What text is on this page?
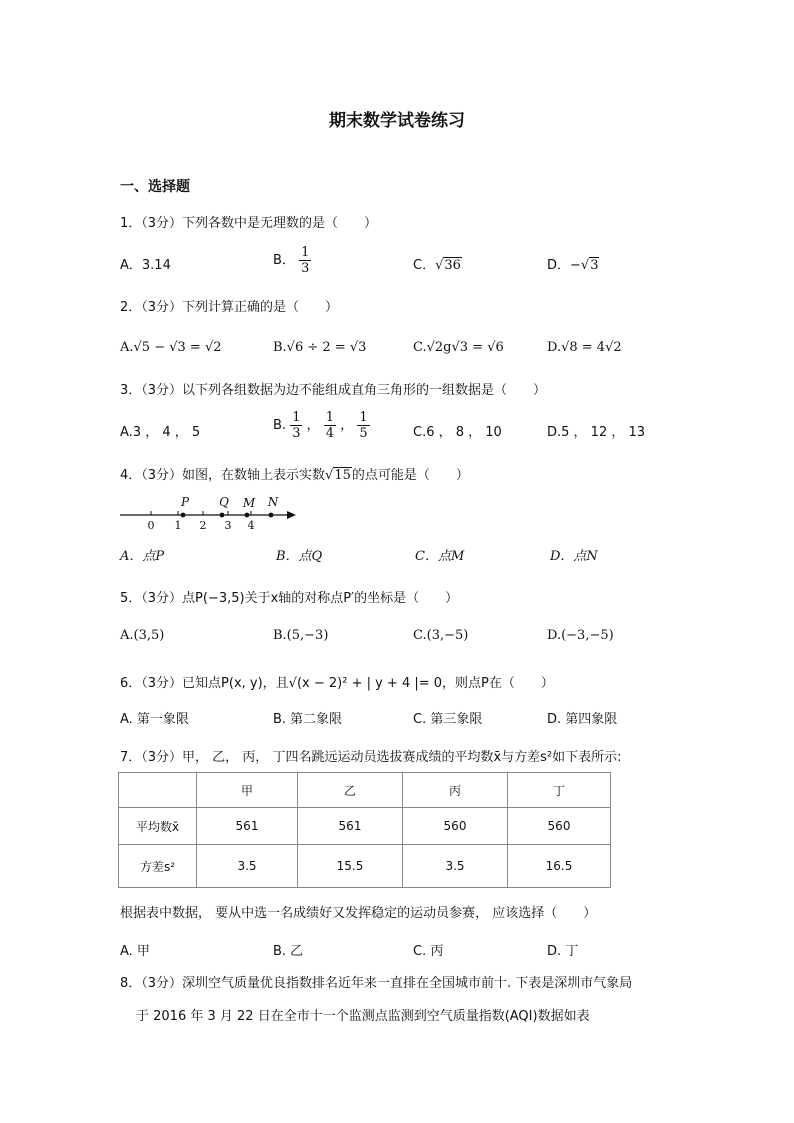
期末数学试卷练习
一、选择题
1．（3分）下列各数中是无理数的是（　　）
A．3.14	B． $\frac{1}{3}$	C．√36	D．−√3
2．（3分）下列计算正确的是（　　）
A.√5 − √3 = √2	B.√6 ÷ 2 = √3	C.√2g√3 = √6	D.√8 = 4√2
3．（3分）以下列各组数据为边不能组成直角三角形的一组数据是（　　）
A.3 ， 4 ， 5	B. $\frac{1}{3}$ ， $\frac{1}{4}$ ， $\frac{1}{5}$	C.6 ， 8 ， 10	D.5 ， 12 ， 13
4．（3分）如图，在数轴上表示实数√15的点可能是（　　）
0 1 2 3 4
P	Q M N
A．点P	B．点Q	C．点M	D．点N
5．（3分）点P(−3,5)关于x轴的对称点P′的坐标是（　　）
A.(3,5)	B.(5,−3)	C.(3,−5)	D.(−3,−5)
6．（3分）已知点P(x, y)，且√(x − 2)² + | y + 4 |= 0，则点P在（　　）
A. 第一象限	B. 第二象限	C. 第三象限	D. 第四象限
7．（3分）甲， 乙， 丙， 丁四名跳远运动员选拔赛成绩的平均数x̄与方差s²如下表所示:
	甲	乙	丙	丁
平均数x̄	561	561	560	560
方差s²	3.5	15.5	3.5	16.5
根据表中数据， 要从中选一名成绩好又发挥稳定的运动员参赛， 应该选择（　　）
A. 甲	B. 乙	C. 丙	D. 丁
8．（3分）深圳空气质量优良指数排名近年来一直排在全国城市前十. 下表是深圳市气象局
于 2016 年 3 月 22 日在全市十一个监测点监测到空气质量指数(AQI)数据如表
